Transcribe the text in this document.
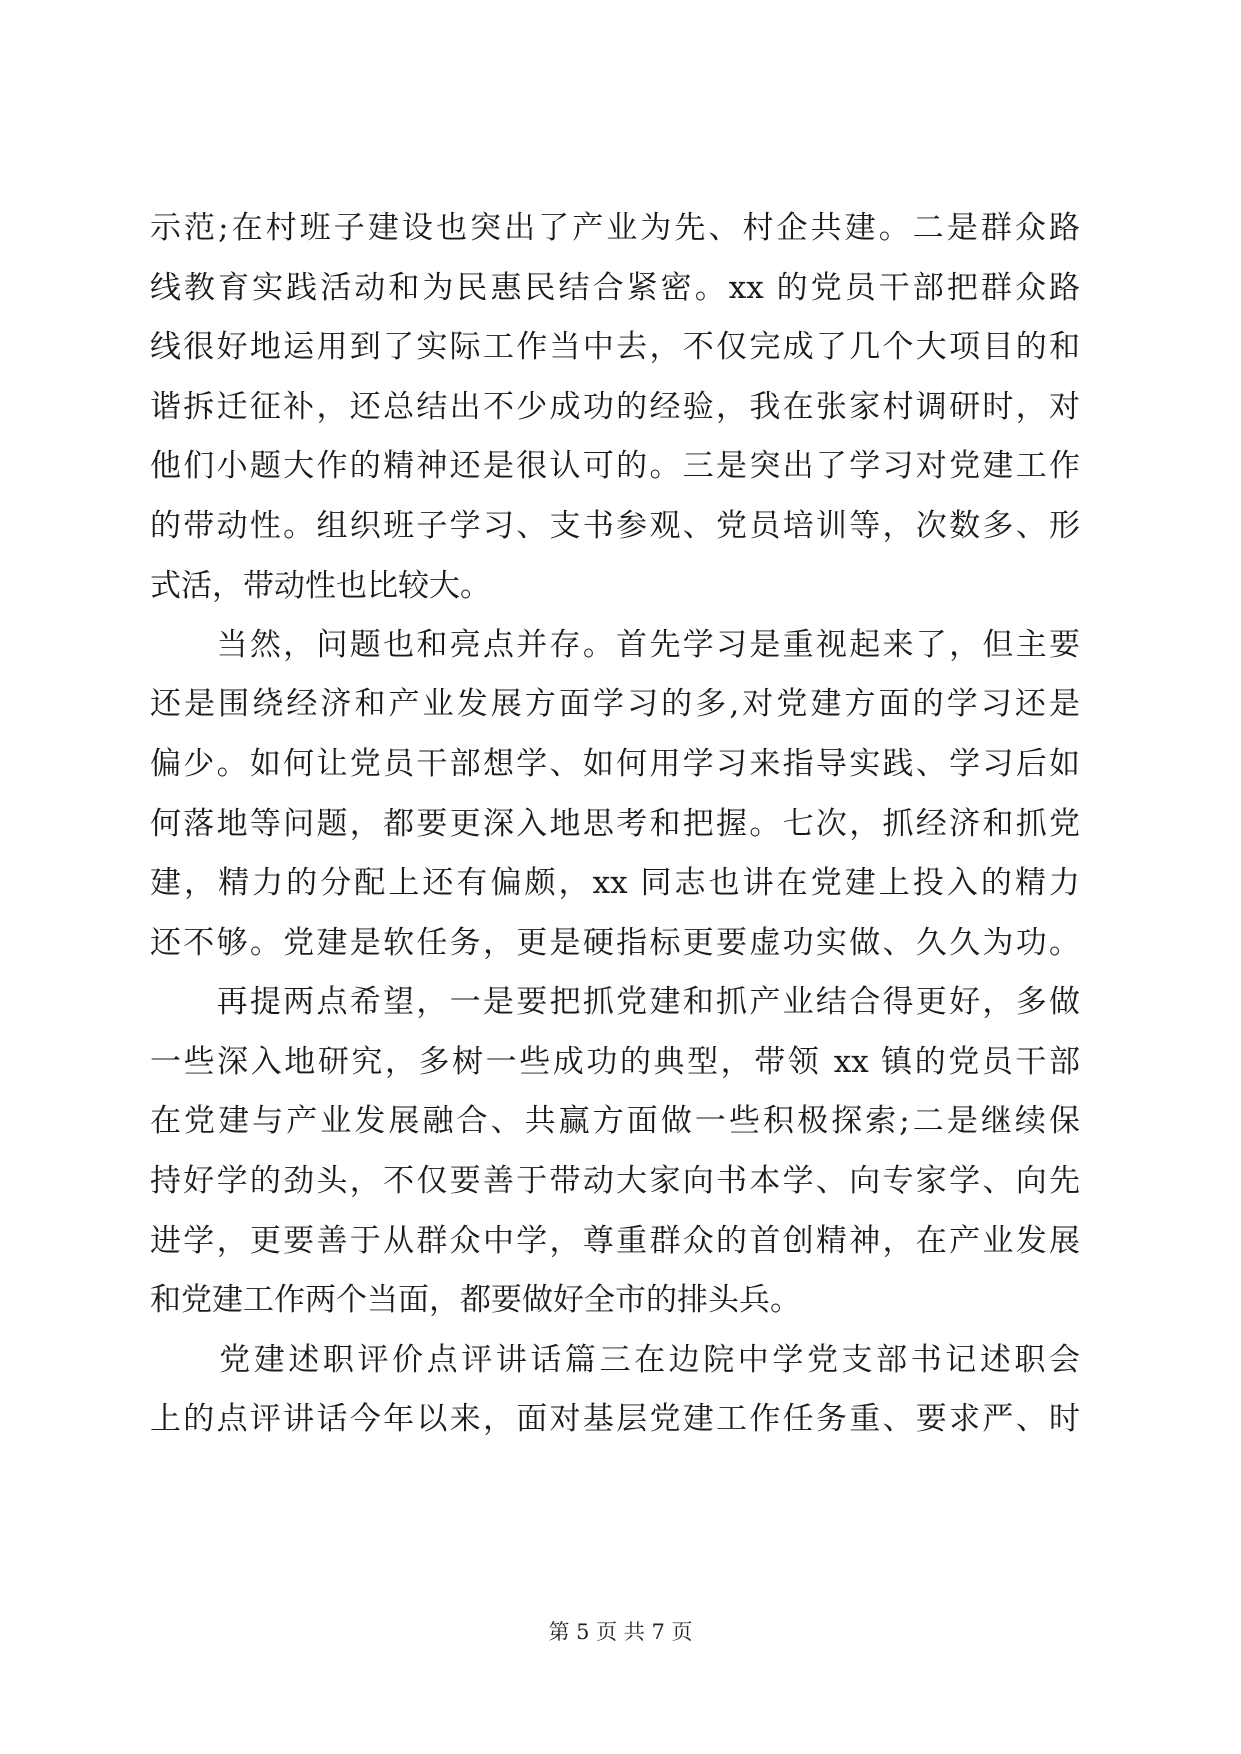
示范;在村班子建设也突出了产业为先、村企共建。二是群众路
线教育实践活动和为民惠民结合紧密。xx 的党员干部把群众路
线很好地运用到了实际工作当中去，不仅完成了几个大项目的和
谐拆迁征补，还总结出不少成功的经验，我在张家村调研时，对
他们小题大作的精神还是很认可的。三是突出了学习对党建工作
的带动性。组织班子学习、支书参观、党员培训等，次数多、形
式活，带动性也比较大。
　　当然，问题也和亮点并存。首先学习是重视起来了，但主要
还是围绕经济和产业发展方面学习的多,对党建方面的学习还是
偏少。如何让党员干部想学、如何用学习来指导实践、学习后如
何落地等问题，都要更深入地思考和把握。七次，抓经济和抓党
建，精力的分配上还有偏颇，xx 同志也讲在党建上投入的精力
还不够。党建是软任务，更是硬指标更要虚功实做、久久为功。
　　再提两点希望，一是要把抓党建和抓产业结合得更好，多做
一些深入地研究，多树一些成功的典型，带领 xx 镇的党员干部
在党建与产业发展融合、共赢方面做一些积极探索;二是继续保
持好学的劲头，不仅要善于带动大家向书本学、向专家学、向先
进学，更要善于从群众中学，尊重群众的首创精神，在产业发展
和党建工作两个当面，都要做好全市的排头兵。
　　党建述职评价点评讲话篇三在边院中学党支部书记述职会
上的点评讲话今年以来，面对基层党建工作任务重、要求严、时
第 5 页 共 7 页
